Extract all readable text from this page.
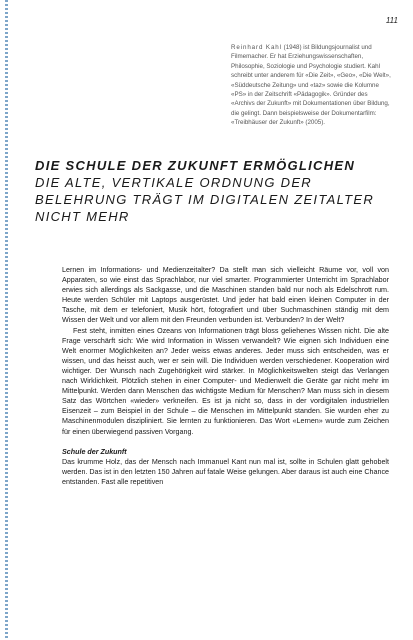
111

Reinhard Kahl (1948) ist Bildungsjournalist und Filmemacher. Er hat Erziehungswissenschaften, Philosophie, Soziologie und Psychologie studiert. Kahl schreibt unter anderem für «Die Zeit», «Geo», «Die Welt», «Süddeutsche Zeitung» und «taz» sowie die Kolumne «PS» in der Zeitschrift «Pädagogik». Gründer des «Archivs der Zukunft» mit Dokumentationen über Bildung, die gelingt. Dann beispielsweise der Dokumentarfilm: «Treibhäuser der Zukunft» (2005).

DIE SCHULE DER ZUKUNFT ERMÖGLICHEN
DIE ALTE, VERTIKALE ORDNUNG DER BELEHRUNG TRÄGT IM DIGITALEN ZEITALTER NICHT MEHR

Lernen im Informations- und Medienzeitalter? Da stellt man sich vielleicht Räume vor, voll von Apparaten, so wie einst das Sprachlabor, nur viel smarter. Programmierter Unterricht im Sprachlabor erwies sich allerdings als Sackgasse, und die Maschinen standen bald nur noch als Edelschrott rum. Heute werden Schüler mit Laptops ausgerüstet. Und jeder hat bald einen kleinen Computer in der Tasche, mit dem er telefoniert, Musik hört, fotografiert und über Suchmaschinen ständig mit dem Wissen der Welt und vor allem mit den Freunden verbunden ist. Verbunden? In der Welt?

Fest steht, inmitten eines Ozeans von Informationen trägt bloss geliehenes Wissen nicht. Die alte Frage verschärft sich: Wie wird Information in Wissen verwandelt? Wie eignen sich Individuen eine Welt enormer Möglichkeiten an? Jeder weiss etwas anderes. Jeder muss sich entscheiden, was er wissen, und das heisst auch, wer er sein will. Die Individuen werden verschiedener. Kooperation wird wichtiger. Der Wunsch nach Zugehörigkeit wird stärker. In Möglichkeitswelten steigt das Verlangen nach Wirklichkeit. Plötzlich stehen in einer Computer- und Medienwelt die Geräte gar nicht mehr im Mittelpunkt. Werden dann Menschen das wichtigste Medium für Menschen? Man muss sich in diesem Satz das Wörtchen «wieder» verkneifen. Es ist ja nicht so, dass in der vordigitalen industriellen Eisenzeit – zum Beispiel in der Schule – die Menschen im Mittelpunkt standen. Sie wurden eher zu Maschinenmodulen diszipliniert. Sie lernten zu funktionieren. Das Wort «Lernen» wurde zum Zeichen für einen überwiegend passiven Vorgang.

Schule der Zukunft

Das krumme Holz, das der Mensch nach Immanuel Kant nun mal ist, sollte in Schulen glatt gehobelt werden. Das ist in den letzten 150 Jahren auf fatale Weise gelungen. Aber daraus ist auch eine Chance entstanden. Fast alle repetitiven
